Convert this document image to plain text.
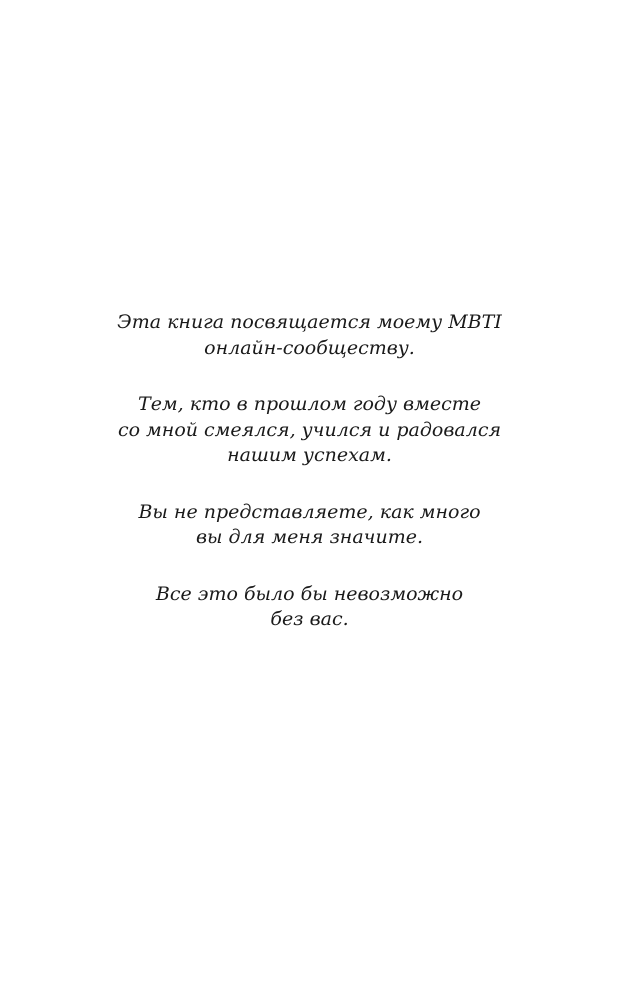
Эта книга посвящается моему MBTI
онлайн-сообществу.

Тем, кто в прошлом году вместе
со мной смеялся, учился и радовался
нашим успехам.

Вы не представляете, как много
вы для меня значите.

Все это было бы невозможно
без вас.
